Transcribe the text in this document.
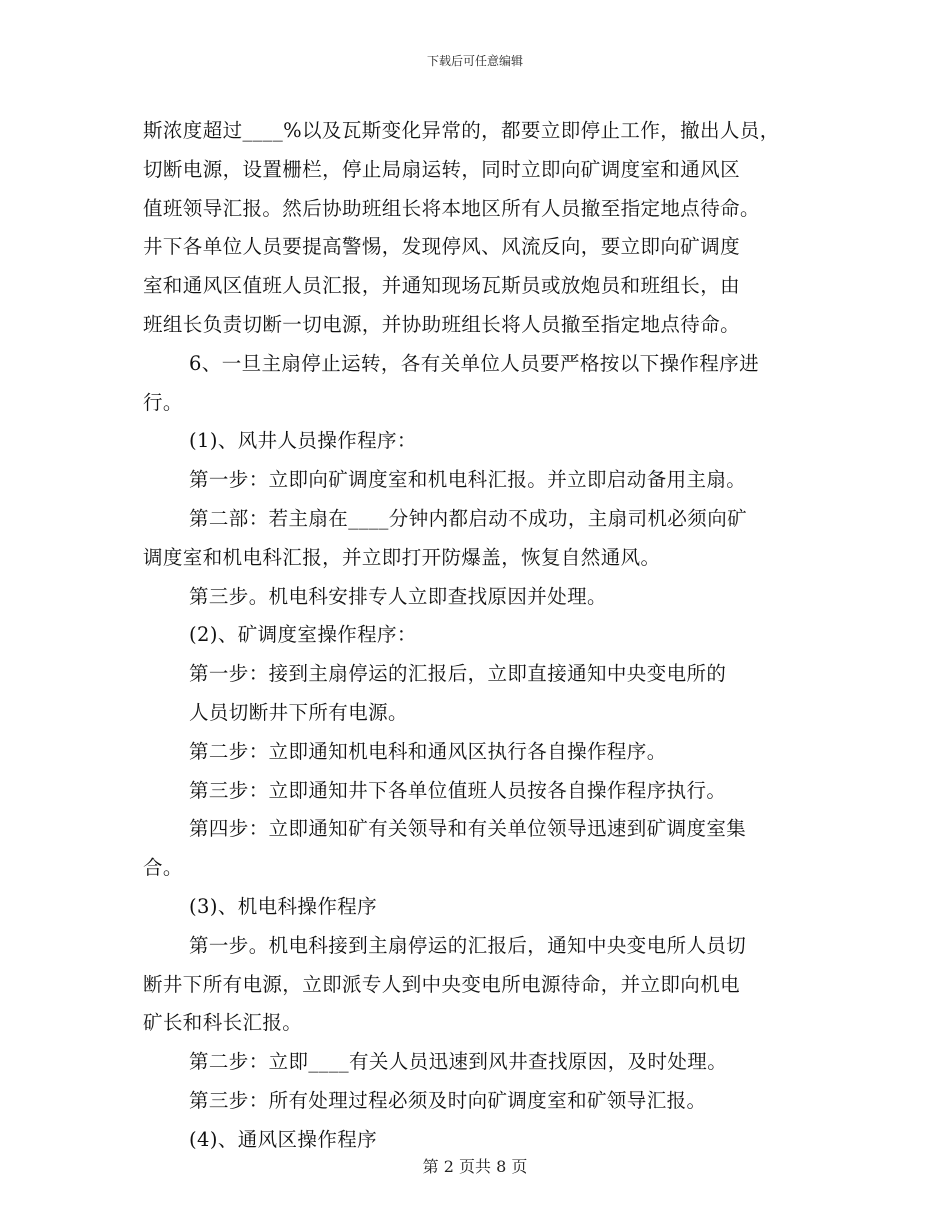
下载后可任意编辑
斯浓度超过____%以及瓦斯变化异常的，都要立即停止工作，撤出人员，
切断电源，设置栅栏，停止局扇运转，同时立即向矿调度室和通风区
值班领导汇报。然后协助班组长将本地区所有人员撤至指定地点待命。
井下各单位人员要提高警惕，发现停风、风流反向，要立即向矿调度
室和通风区值班人员汇报，并通知现场瓦斯员或放炮员和班组长，由
班组长负责切断一切电源，并协助班组长将人员撤至指定地点待命。
6、一旦主扇停止运转，各有关单位人员要严格按以下操作程序进
行。
(1)、风井人员操作程序：
第一步：立即向矿调度室和机电科汇报。并立即启动备用主扇。
第二部：若主扇在____分钟内都启动不成功，主扇司机必须向矿
调度室和机电科汇报，并立即打开防爆盖，恢复自然通风。
第三步。机电科安排专人立即查找原因并处理。
(2)、矿调度室操作程序：
第一步：接到主扇停运的汇报后，立即直接通知中央变电所的
人员切断井下所有电源。
第二步：立即通知机电科和通风区执行各自操作程序。
第三步：立即通知井下各单位值班人员按各自操作程序执行。
第四步：立即通知矿有关领导和有关单位领导迅速到矿调度室集
合。
(3)、机电科操作程序
第一步。机电科接到主扇停运的汇报后，通知中央变电所人员切
断井下所有电源，立即派专人到中央变电所电源待命，并立即向机电
矿长和科长汇报。
第二步：立即____有关人员迅速到风井查找原因，及时处理。
第三步：所有处理过程必须及时向矿调度室和矿领导汇报。
(4)、通风区操作程序
第 2 页共 8 页
